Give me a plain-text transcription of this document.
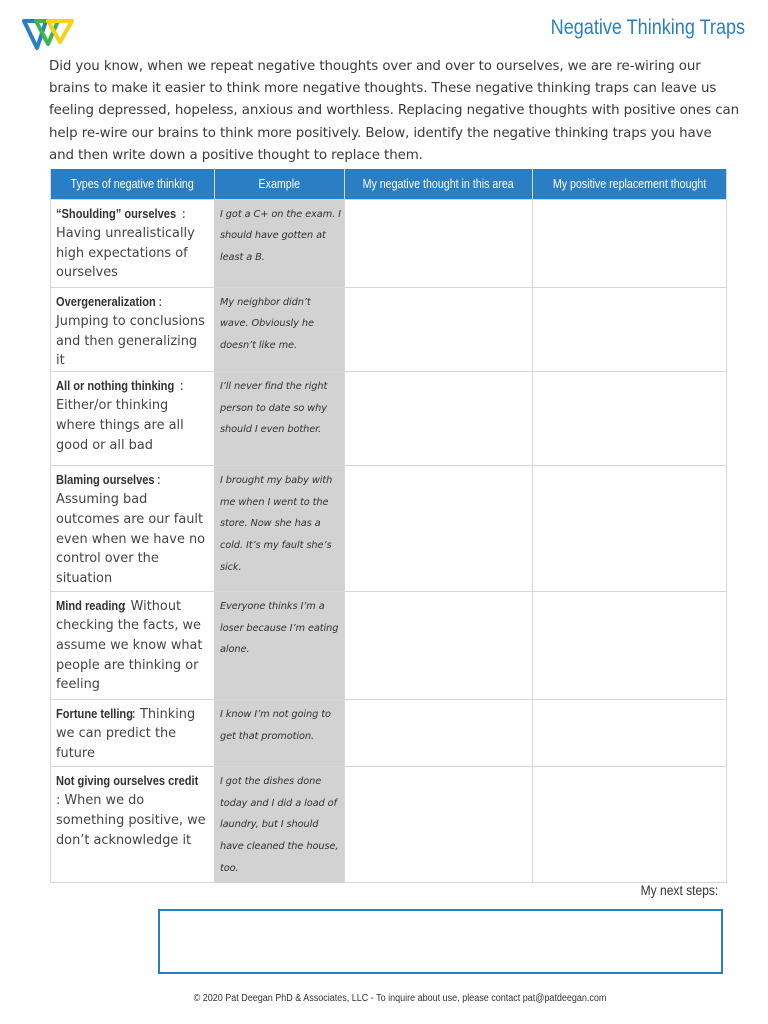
Negative Thinking Traps

Did you know, when we repeat negative thoughts over and over to ourselves, we are re-wiring our brains to make it easier to think more negative thoughts. These negative thinking traps can leave us feeling depressed, hopeless, anxious and worthless. Replacing negative thoughts with positive ones can help re-wire our brains to think more positively. Below, identify the negative thinking traps you have and then write down a positive thought to replace them.

Types of negative thinking	Example	My negative thought in this area	My positive replacement thought
“Shoulding” ourselves : Having unrealistically high expectations of ourselves	I got a C+ on the exam. I should have gotten at least a B.		
Overgeneralization : Jumping to conclusions and then generalizing it	My neighbor didn’t wave. Obviously he doesn’t like me.		
All or nothing thinking : Either/or thinking where things are all good or all bad	I’ll never find the right person to date so why should I even bother.		
Blaming ourselves : Assuming bad outcomes are our fault even when we have no control over the situation	I brought my baby with me when I went to the store. Now she has a cold. It’s my fault she’s sick.		
Mind reading: Without checking the facts, we assume we know what people are thinking or feeling	Everyone thinks I’m a loser because I’m eating alone.		
Fortune telling: Thinking we can predict the future	I know I’m not going to get that promotion.		
Not giving ourselves credit: When we do something positive, we don’t acknowledge it	I got the dishes done today and I did a load of laundry, but I should have cleaned the house, too.		
My next steps:
© 2020 Pat Deegan PhD & Associates, LLC - To inquire about use, please contact pat@patdeegan.com
